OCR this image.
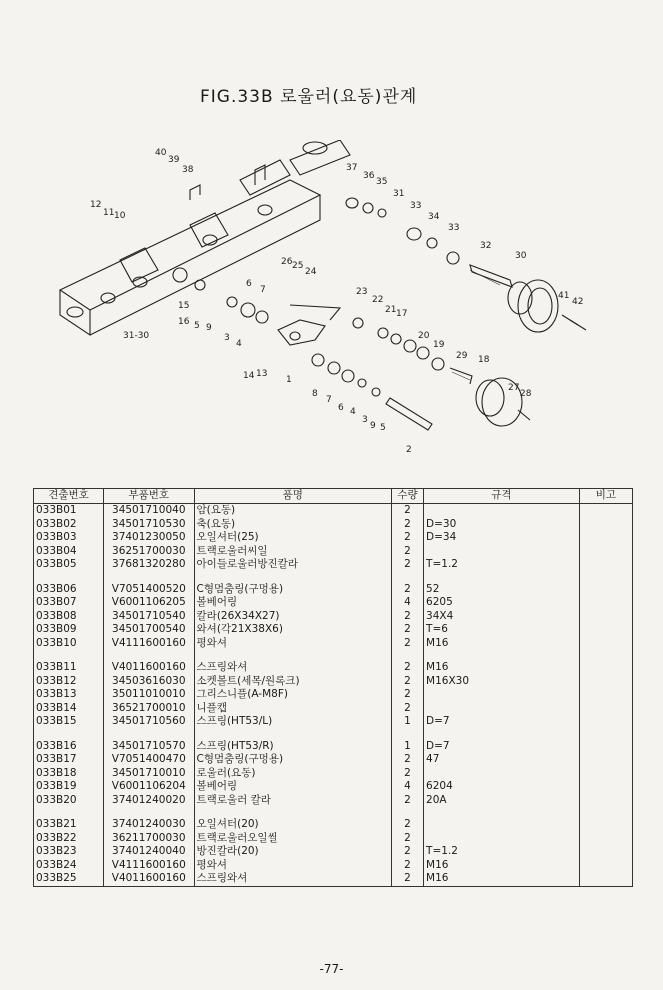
FIG.33B 로울러(요동)관계
40
39
38
12
11 10
15
16 5 9
3
4
6
7
14 13
1
31-30
26 25
24
37
36
35
31
33
34
33
32
30
41
42
23
22
21 17
20
19
29 18
27
28
8
7
6 4
3
9 5
2
견출번호	부품번호	품명	수량	규격	비고
033B01	34501710040	암(요동)	2		
033B02	34501710530	축(요동)	2	D=30	
033B03	37401230050	오일셔터(25)	2	D=34	
033B04	36251700030	트랙로울러씨일	2		
033B05	37681320280	아이들로울러방진칼라	2	T=1.2	

033B06	V7051400520	C형멈춤링(구멍용)	2	52	
033B07	V6001106205	볼베어링	4	6205	
033B08	34501710540	칼라(26X34X27)	2	34X4	
033B09	34501700540	와셔(각21X38X6)	2	T=6	
033B10	V4111600160	평와셔	2	M16	

033B11	V4011600160	스프링와셔	2	M16	
033B12	34503616030	소켓볼트(세목/원록크)	2	M16X30	
033B13	35011010010	그리스니플(A-M8F)	2		
033B14	36521700010	니플캡	2		
033B15	34501710560	스프링(HT53/L)	1	D=7	

033B16	34501710570	스프링(HT53/R)	1	D=7	
033B17	V7051400470	C형멈춤링(구멍용)	2	47	
033B18	34501710010	로울러(요동)	2		
033B19	V6001106204	볼베어링	4	6204	
033B20	37401240020	트랙로울러 칼라	2	20A	

033B21	37401240030	오일셔터(20)	2		
033B22	36211700030	트랙로울러오일씰	2		
033B23	37401240040	방진칼라(20)	2	T=1.2	
033B24	V4111600160	평와셔	2	M16	
033B25	V4011600160	스프링와셔	2	M16	
-77-
